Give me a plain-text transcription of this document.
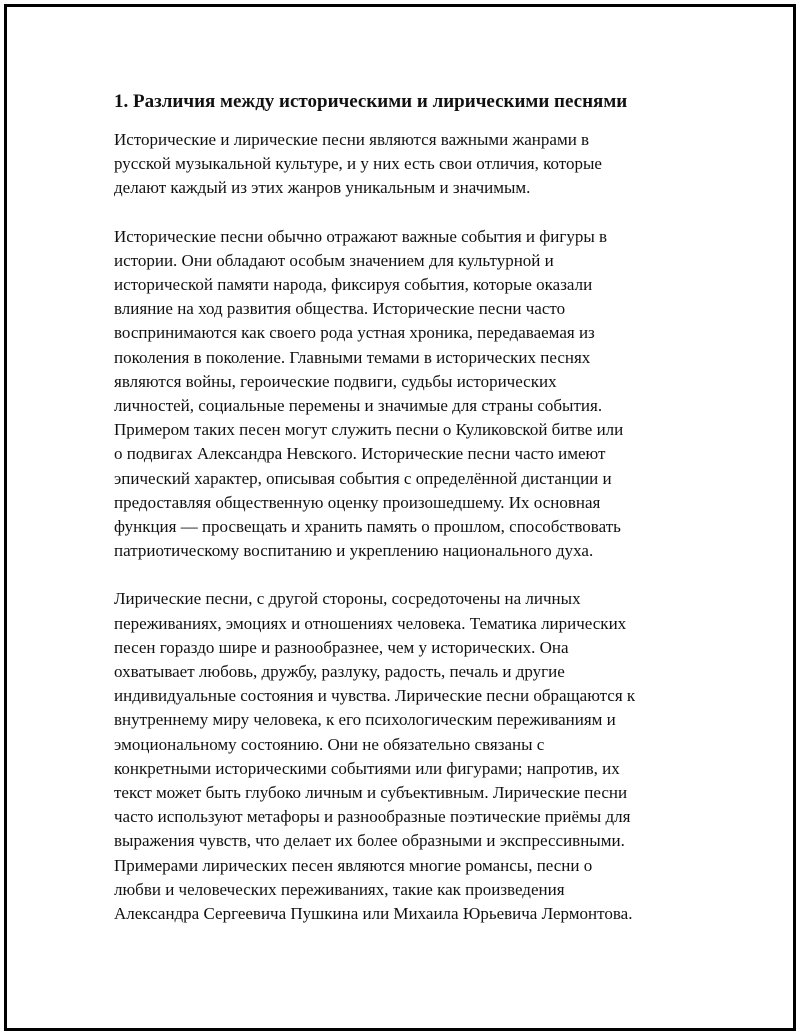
1. Различия между историческими и лирическими песнями

Исторические и лирические песни являются важными жанрами в
русской музыкальной культуре, и у них есть свои отличия, которые
делают каждый из этих жанров уникальным и значимым.

Исторические песни обычно отражают важные события и фигуры в
истории. Они обладают особым значением для культурной и
исторической памяти народа, фиксируя события, которые оказали
влияние на ход развития общества. Исторические песни часто
воспринимаются как своего рода устная хроника, передаваемая из
поколения в поколение. Главными темами в исторических песнях
являются войны, героические подвиги, судьбы исторических
личностей, социальные перемены и значимые для страны события.
Примером таких песен могут служить песни о Куликовской битве или
о подвигах Александра Невского. Исторические песни часто имеют
эпический характер, описывая события с определённой дистанции и
предоставляя общественную оценку произошедшему. Их основная
функция — просвещать и хранить память о прошлом, способствовать
патриотическому воспитанию и укреплению национального духа.

Лирические песни, с другой стороны, сосредоточены на личных
переживаниях, эмоциях и отношениях человека. Тематика лирических
песен гораздо шире и разнообразнее, чем у исторических. Она
охватывает любовь, дружбу, разлуку, радость, печаль и другие
индивидуальные состояния и чувства. Лирические песни обращаются к
внутреннему миру человека, к его психологическим переживаниям и
эмоциональному состоянию. Они не обязательно связаны с
конкретными историческими событиями или фигурами; напротив, их
текст может быть глубоко личным и субъективным. Лирические песни
часто используют метафоры и разнообразные поэтические приёмы для
выражения чувств, что делает их более образными и экспрессивными.
Примерами лирических песен являются многие романсы, песни о
любви и человеческих переживаниях, такие как произведения
Александра Сергеевича Пушкина или Михаила Юрьевича Лермонтова.
